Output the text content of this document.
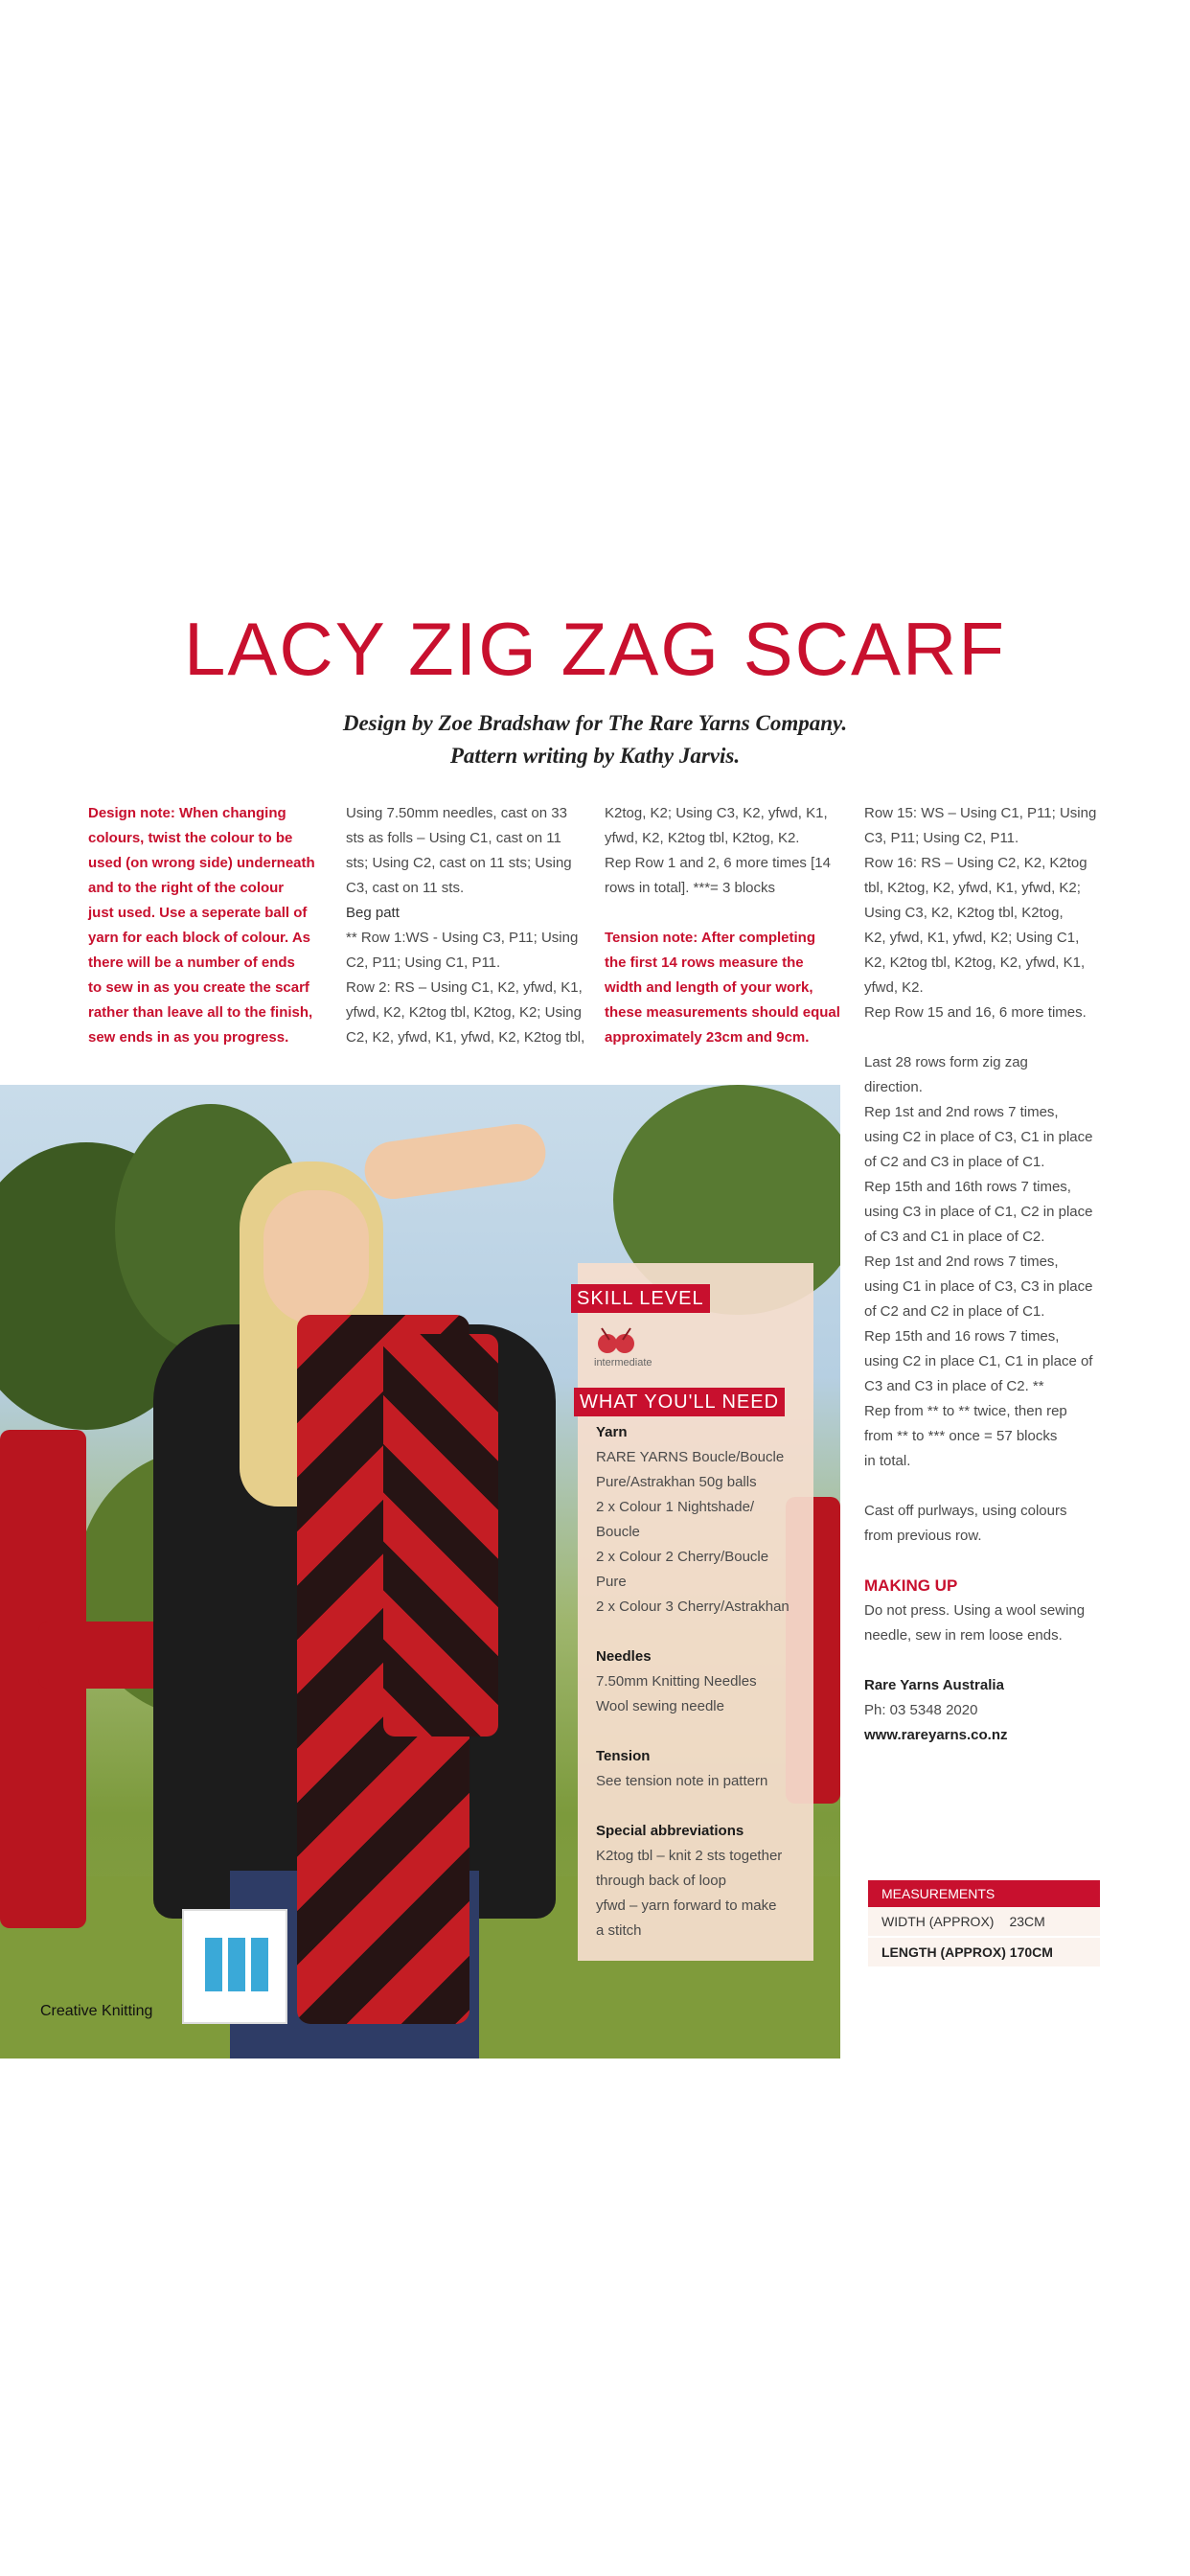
LACY ZIG ZAG SCARF
Design by Zoe Bradshaw for The Rare Yarns Company.
Pattern writing by Kathy Jarvis.

Design note: When changing
colours, twist the colour to be
used (on wrong side) underneath
and to the right of the colour
just used. Use a seperate ball of
yarn for each block of colour. As
there will be a number of ends
to sew in as you create the scarf
rather than leave all to the finish,
sew ends in as you progress.

Using 7.50mm needles, cast on 33
sts as folls – Using C1, cast on 11
sts; Using C2, cast on 11 sts; Using
C3, cast on 11 sts.

Beg patt

** Row 1:WS - Using C3, P11; Using
C2, P11; Using C1, P11.
Row 2: RS – Using C1, K2, yfwd, K1,
yfwd, K2, K2tog tbl, K2tog, K2; Using
C2, K2, yfwd, K1, yfwd, K2, K2tog tbl,

K2tog, K2; Using C3, K2, yfwd, K1,
yfwd, K2, K2tog tbl, K2tog, K2.
Rep Row 1 and 2, 6 more times [14
rows in total]. ***= 3 blocks

Tension note: After completing
the first 14 rows measure the
width and length of your work,
these measurements should equal
approximately 23cm and 9cm.

Row 15: WS – Using C1, P11; Using
C3, P11; Using C2, P11.
Row 16: RS – Using C2, K2, K2tog
tbl, K2tog, K2, yfwd, K1, yfwd, K2;
Using C3, K2, K2tog tbl, K2tog,
K2, yfwd, K1, yfwd, K2; Using C1,
K2, K2tog tbl, K2tog, K2, yfwd, K1,
yfwd, K2.
Rep Row 15 and 16, 6 more times.

Last 28 rows form zig zag
direction.
Rep 1st and 2nd rows 7 times,
using C2 in place of C3, C1 in place
of C2 and C3 in place of C1.
Rep 15th and 16th rows 7 times,
using C3 in place of C1, C2 in place
of C3 and C1 in place of C2.
Rep 1st and 2nd rows 7 times,
using C1 in place of C3, C3 in place
of C2 and C2 in place of C1.
Rep 15th and 16 rows 7 times,
using C2 in place C1, C1 in place of
C3 and C3 in place of C2. **
Rep from ** to ** twice, then rep
from ** to *** once = 57 blocks
in total.

Cast off purlways, using colours
from previous row.

MAKING UP

Do not press. Using a wool sewing
needle, sew in rem loose ends.

Rare Yarns Australia

Ph: 03 5348 2020

www.rareyarns.co.nz

Creative Knitting
SKILL LEVEL
intermediate
WHAT YOU'LL NEED

Yarn

RARE YARNS Boucle/Boucle
Pure/Astrakhan 50g balls
2 x Colour 1 Nightshade/
Boucle
2 x Colour 2 Cherry/Boucle
Pure
2 x Colour 3 Cherry/Astrakhan

Needles

7.50mm Knitting Needles
Wool sewing needle

Tension

See tension note in pattern

Special abbreviations

K2tog tbl – knit 2 sts together
through back of loop
yfwd – yarn forward to make
a stitch

MEASUREMENTS
WIDTH (APPROX) 23CM
LENGTH (APPROX) 170CM
